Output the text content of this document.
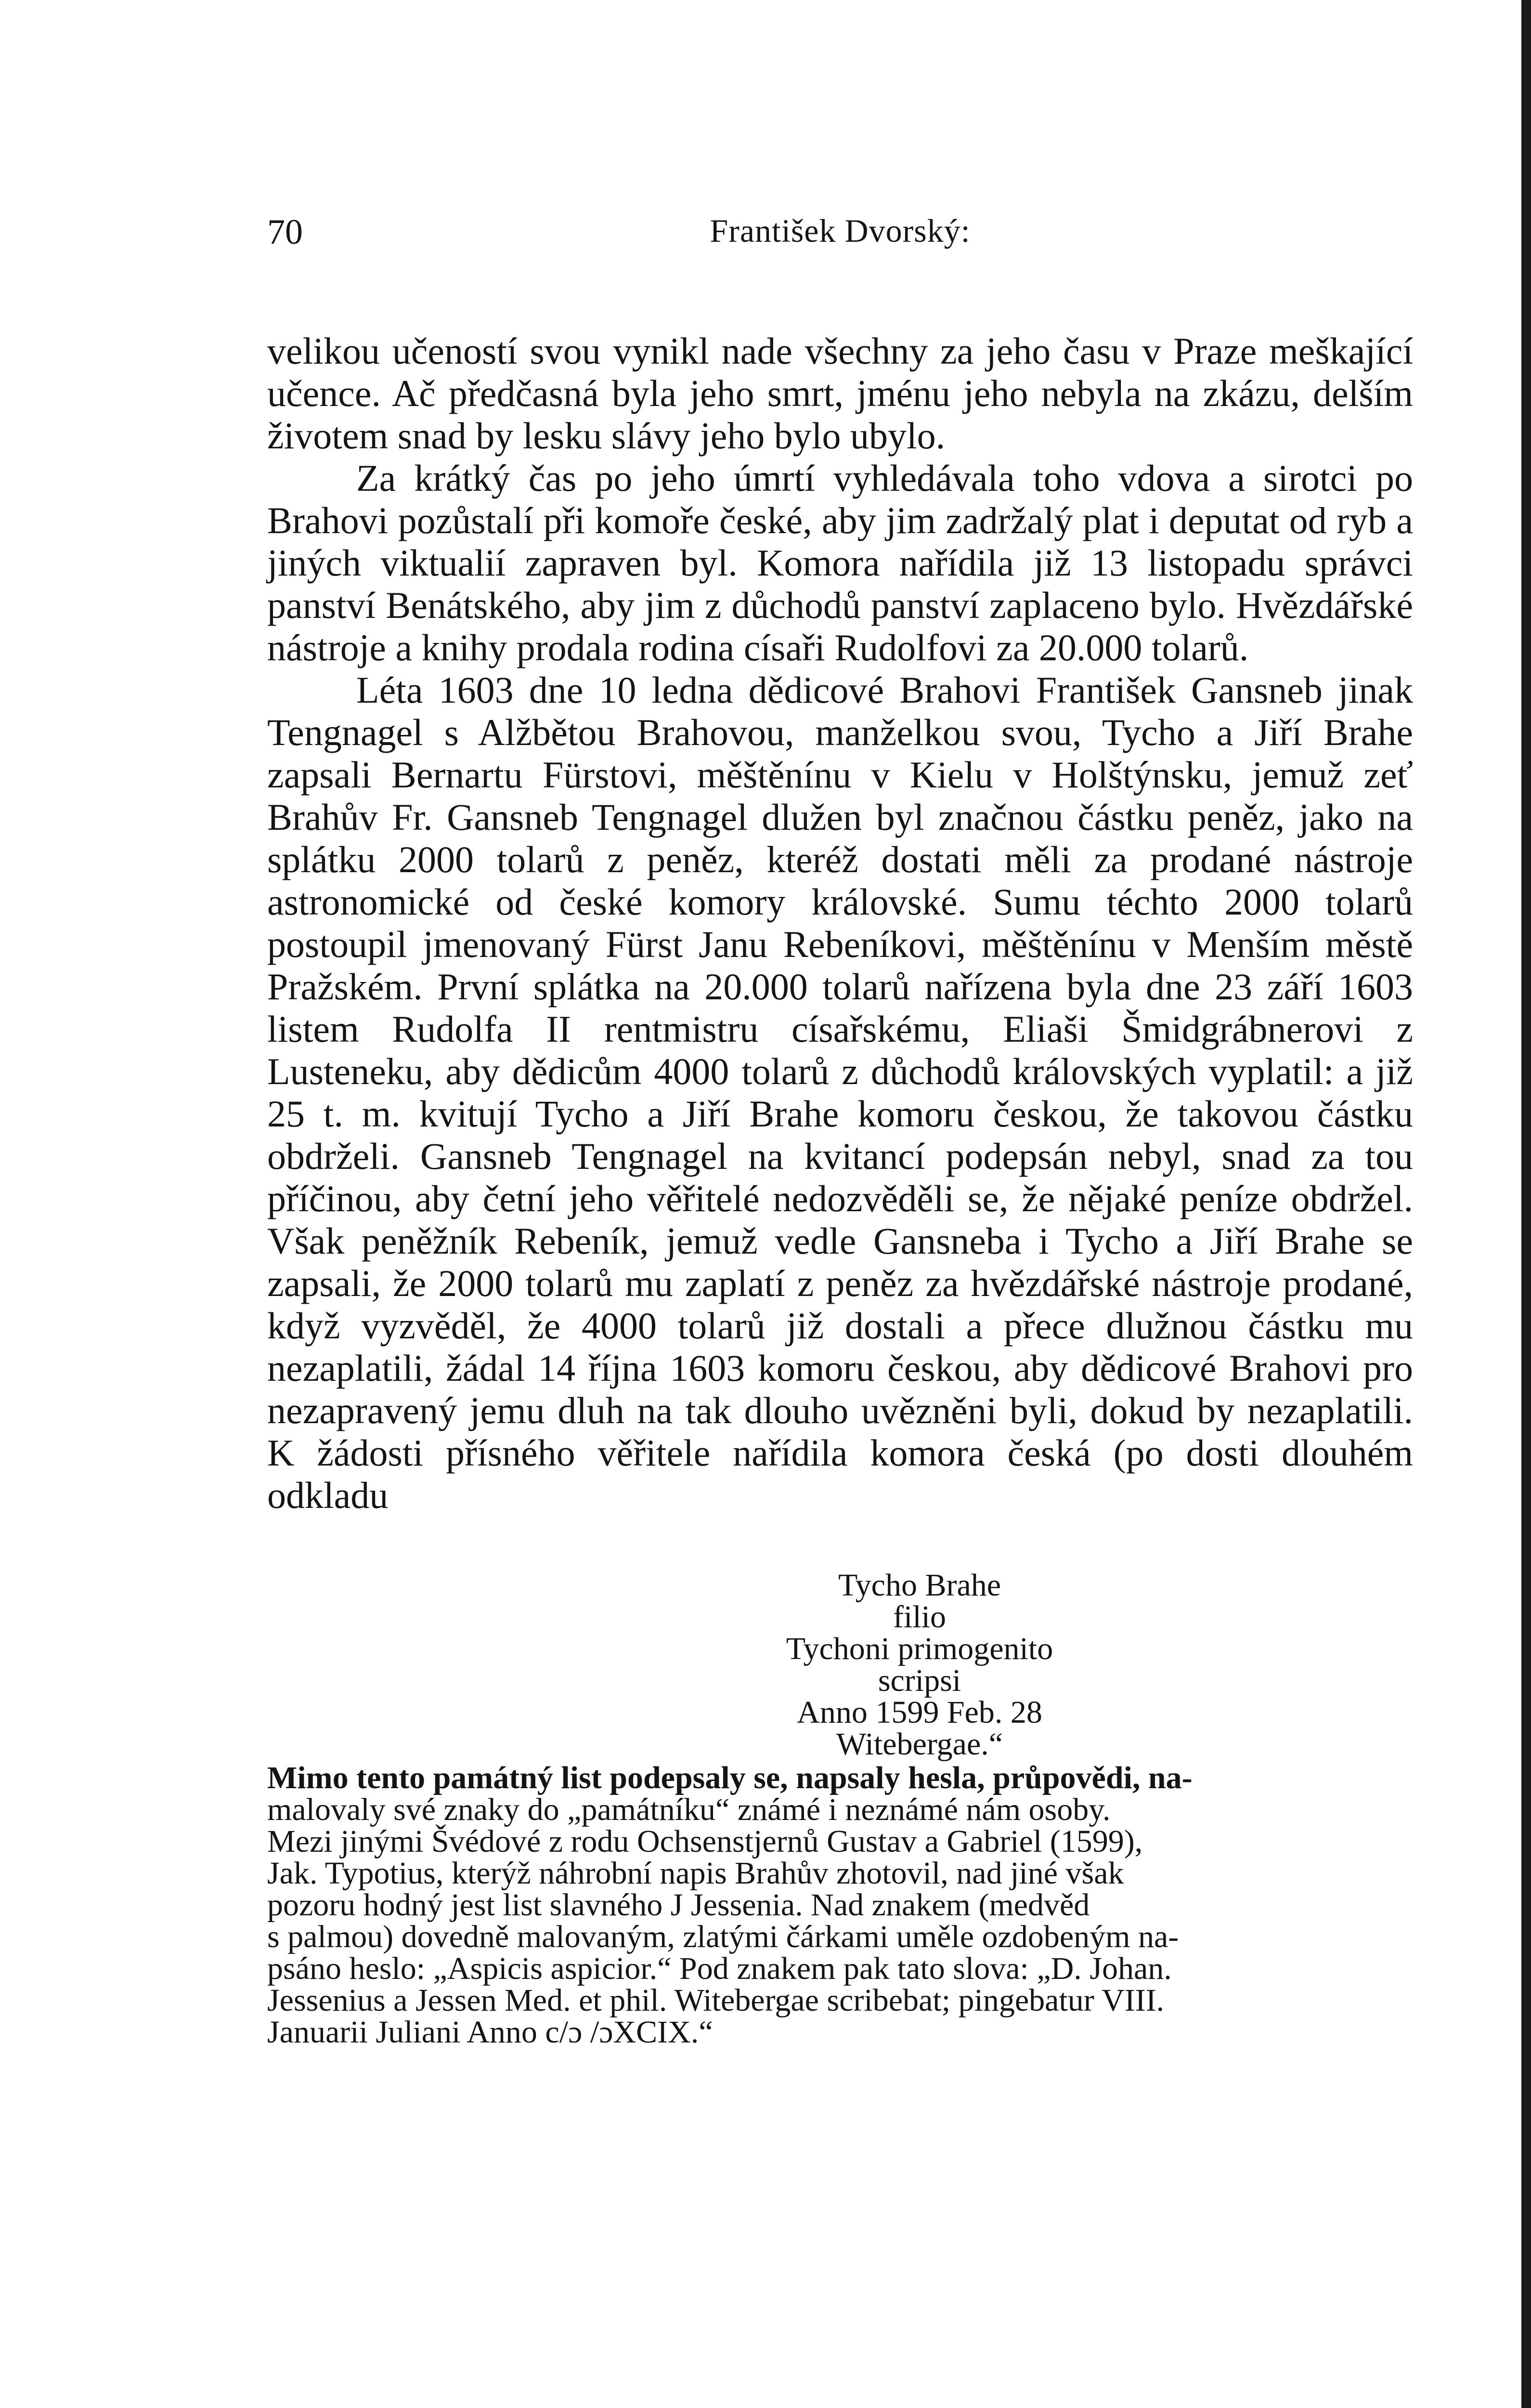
70	František Dvorský:

velikou učeností svou vynikl nade všechny za jeho času v Praze meškající učence. Ač předčasná byla jeho smrt, jménu jeho nebyla na zkázu, delším životem snad by lesku slávy jeho bylo ubylo.

Za krátký čas po jeho úmrtí vyhledávala toho vdova a sirotci po Brahovi pozůstalí při komoře české, aby jim zadržalý plat i deputat od ryb a jiných viktualií zapraven byl. Komora nařídila již 13 listopadu správci panství Benátského, aby jim z důchodů panství zaplaceno bylo. Hvězdářské nástroje a knihy prodala rodina císaři Rudolfovi za 20.000 tolarů.

Léta 1603 dne 10 ledna dědicové Brahovi František Gansneb jinak Tengnagel s Alžbětou Brahovou, manželkou svou, Tycho a Jiří Brahe zapsali Bernartu Fürstovi, měštěnínu v Kielu v Holštýnsku, jemuž zeť Brahův Fr. Gansneb Tengnagel dlužen byl značnou částku peněz, jako na splátku 2000 tolarů z peněz, kteréž dostati měli za prodané nástroje astronomické od české komory královské. Sumu téchto 2000 tolarů postoupil jmenovaný Fürst Janu Rebeníkovi, měštěnínu v Menším městě Pražském. První splátka na 20.000 tolarů nařízena byla dne 23 září 1603 listem Rudolfa II rentmistru císařskému, Eliaši Šmidgrábnerovi z Lusteneku, aby dědicům 4000 tolarů z důchodů královských vyplatil: a již 25 t. m. kvitují Tycho a Jiří Brahe komoru českou, že takovou částku obdrželi. Gansneb Tengnagel na kvitancí podepsán nebyl, snad za tou příčinou, aby četní jeho věřitelé nedozvěděli se, že nějaké peníze obdržel. Však peněžník Rebeník, jemuž vedle Gansneba i Tycho a Jiří Brahe se zapsali, že 2000 tolarů mu zaplatí z peněz za hvězdářské nástroje prodané, když vyzvěděl, že 4000 tolarů již dostali a přece dlužnou částku mu nezaplatili, žádal 14 října 1603 komoru českou, aby dědicové Brahovi pro nezapravený jemu dluh na tak dlouho uvězněni byli, dokud by nezaplatili. K žádosti přísného věřitele nařídila komora česká (po dosti dlouhém odkladu

Tycho Brahe
filio
Tychoni primogenito
scripsi
Anno 1599 Feb. 28
Witebergae.“
Mimo tento památný list podepsaly se, napsaly hesla, průpovědi, na-
malovaly své znaky do „památníku“ známé i neznámé nám osoby.
Mezi jinými Švédové z rodu Ochsenstjernů Gustav a Gabriel (1599),
Jak. Typotius, kterýž náhrobní napis Brahův zhotovil, nad jiné však
pozoru hodný jest list slavného J Jessenia. Nad znakem (medvěd
s palmou) dovedně malovaným, zlatými čárkami uměle ozdobeným na-
psáno heslo: „Aspicis aspicior.“ Pod znakem pak tato slova: „D. Johan.
Jessenius a Jessen Med. et phil. Witebergae scribebat; pingebatur VIII.
Januarii Juliani Anno c/ɔ /ɔXCIX.“
